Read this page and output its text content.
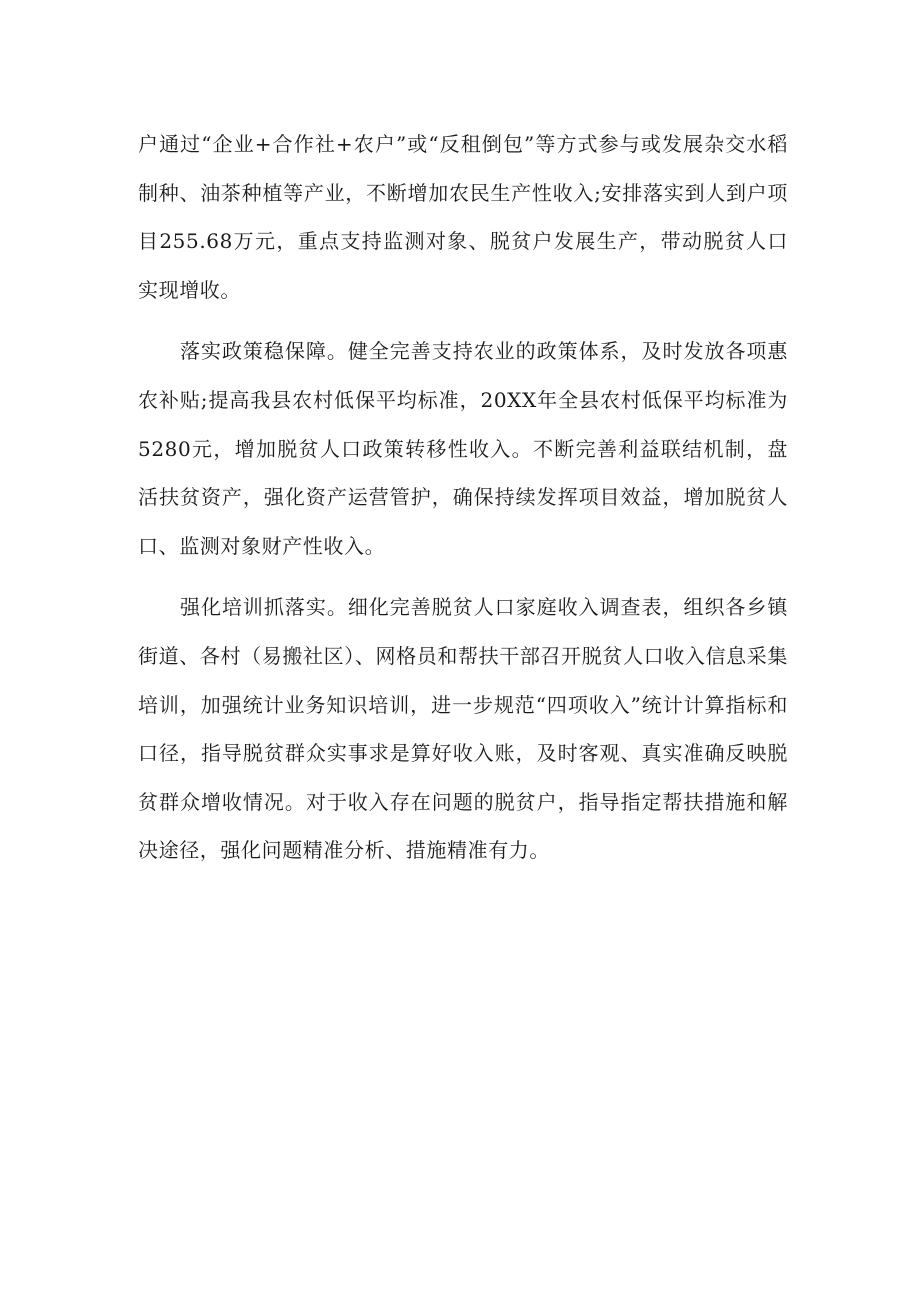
户通过“企业+合作社+农户”或“反租倒包”等方式参与或发展杂交水稻制种、油茶种植等产业，不断增加农民生产性收入;安排落实到人到户项目255.68万元，重点支持监测对象、脱贫户发展生产，带动脱贫人口实现增收。

落实政策稳保障。健全完善支持农业的政策体系，及时发放各项惠农补贴;提高我县农村低保平均标准，20XX年全县农村低保平均标准为5280元，增加脱贫人口政策转移性收入。不断完善利益联结机制，盘活扶贫资产，强化资产运营管护，确保持续发挥项目效益，增加脱贫人口、监测对象财产性收入。

强化培训抓落实。细化完善脱贫人口家庭收入调查表，组织各乡镇街道、各村（易搬社区）、网格员和帮扶干部召开脱贫人口收入信息采集培训，加强统计业务知识培训，进一步规范“四项收入”统计计算指标和口径，指导脱贫群众实事求是算好收入账，及时客观、真实准确反映脱贫群众增收情况。对于收入存在问题的脱贫户，指导指定帮扶措施和解决途径，强化问题精准分析、措施精准有力。
